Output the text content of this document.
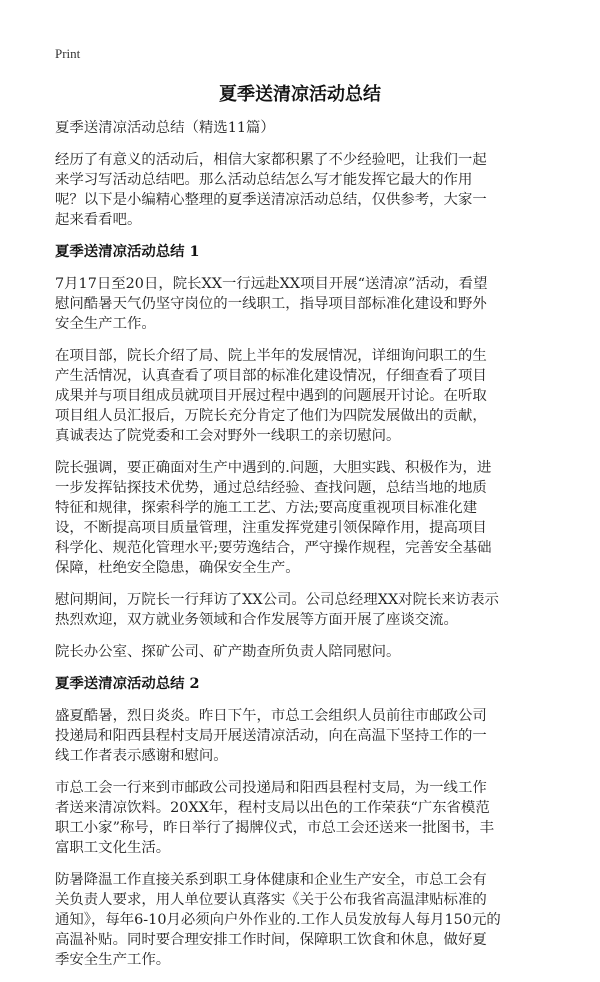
Print
夏季送清凉活动总结

夏季送清凉活动总结（精选11篇）

经历了有意义的活动后，相信大家都积累了不少经验吧，让我们一起来学习写活动总结吧。那么活动总结怎么写才能发挥它最大的作用呢？以下是小编精心整理的夏季送清凉活动总结，仅供参考，大家一起来看看吧。

夏季送清凉活动总结 1

7月17日至20日，院长XX一行远赴XX项目开展“送清凉”活动，看望慰问酷暑天气仍坚守岗位的一线职工，指导项目部标准化建设和野外安全生产工作。

在项目部，院长介绍了局、院上半年的发展情况，详细询问职工的生产生活情况，认真查看了项目部的标准化建设情况，仔细查看了项目成果并与项目组成员就项目开展过程中遇到的问题展开讨论。在听取项目组人员汇报后，万院长充分肯定了他们为四院发展做出的贡献，真诚表达了院党委和工会对野外一线职工的亲切慰问。

院长强调，要正确面对生产中遇到的.问题，大胆实践、积极作为，进一步发挥钻探技术优势，通过总结经验、查找问题，总结当地的地质特征和规律，探索科学的施工工艺、方法;要高度重视项目标准化建设，不断提高项目质量管理，注重发挥党建引领保障作用，提高项目科学化、规范化管理水平;要劳逸结合，严守操作规程，完善安全基础保障，杜绝安全隐患，确保安全生产。

慰问期间，万院长一行拜访了XX公司。公司总经理XX对院长来访表示热烈欢迎，双方就业务领域和合作发展等方面开展了座谈交流。

院长办公室、探矿公司、矿产勘查所负责人陪同慰问。

夏季送清凉活动总结 2

盛夏酷暑，烈日炎炎。昨日下午，市总工会组织人员前往市邮政公司投递局和阳西县程村支局开展送清凉活动，向在高温下坚持工作的一线工作者表示感谢和慰问。

市总工会一行来到市邮政公司投递局和阳西县程村支局，为一线工作者送来清凉饮料。20XX年，程村支局以出色的工作荣获“广东省模范职工小家”称号，昨日举行了揭牌仪式，市总工会还送来一批图书，丰富职工文化生活。

防暑降温工作直接关系到职工身体健康和企业生产安全，市总工会有关负责人要求，用人单位要认真落实《关于公布我省高温津贴标准的通知》，每年6-10月必须向户外作业的.工作人员发放每人每月150元的高温补贴。同时要合理安排工作时间，保障职工饮食和休息，做好夏季安全生产工作。
